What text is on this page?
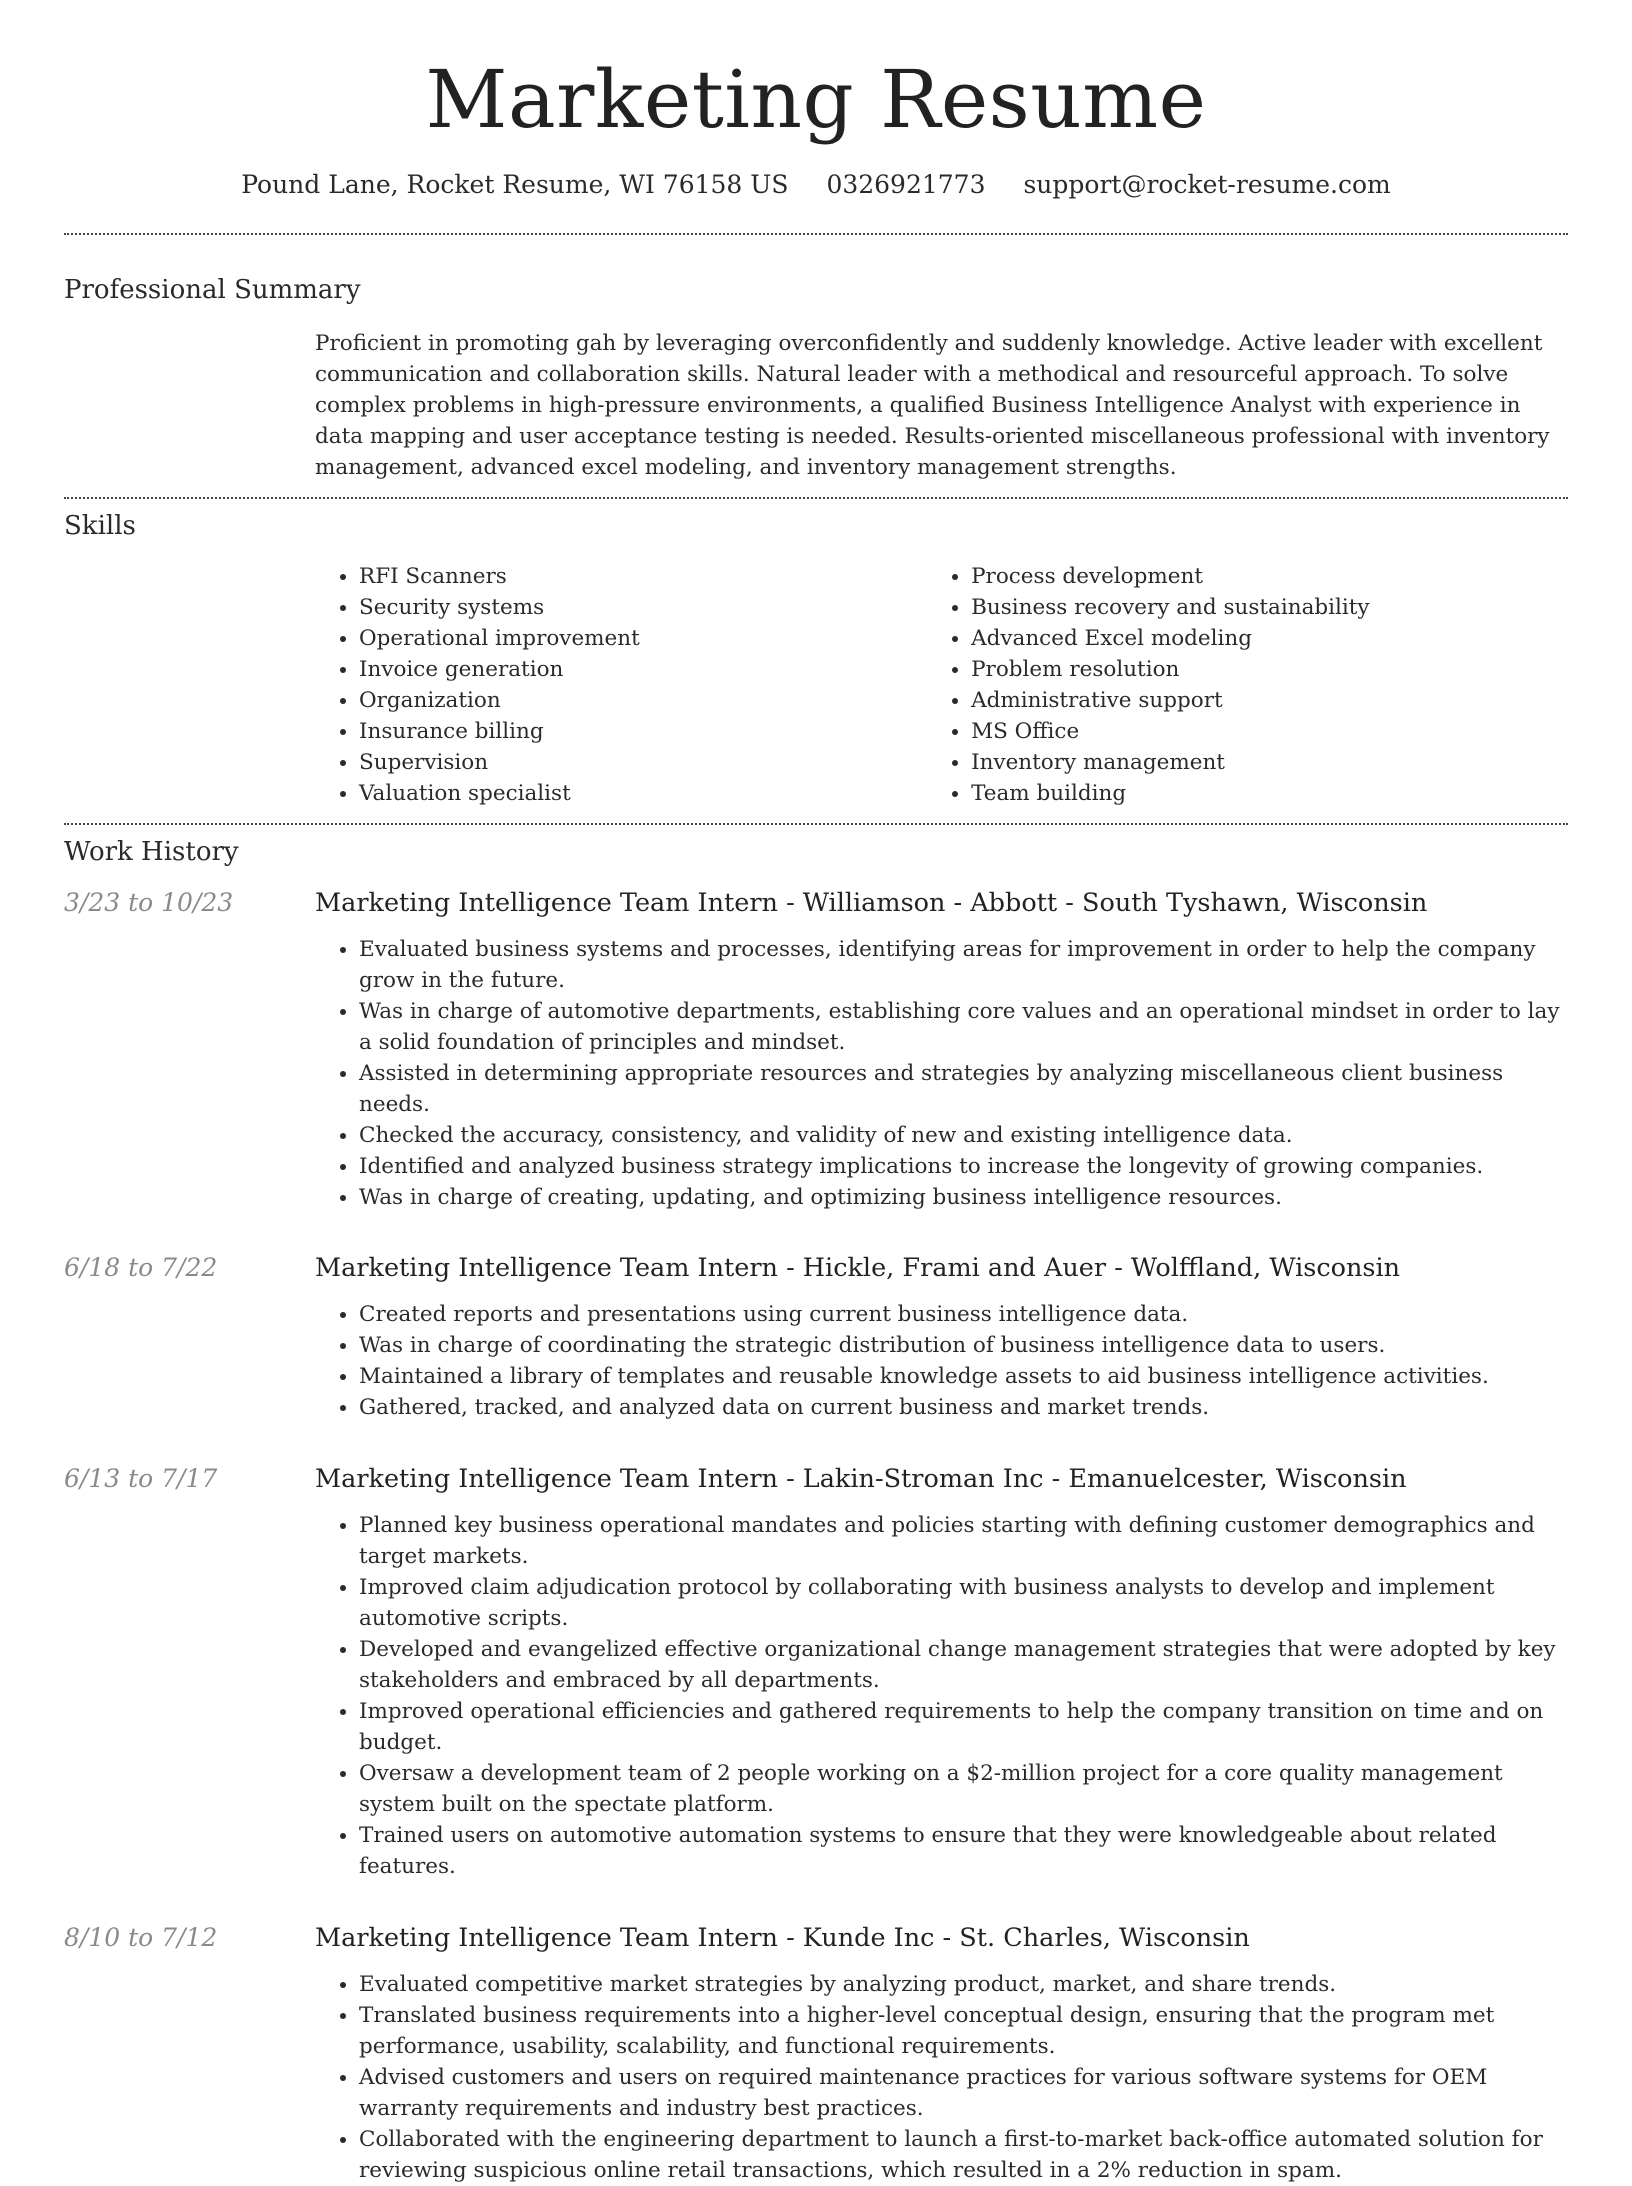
Marketing Resume
Pound Lane, Rocket Resume, WI 76158 US 0326921773 support@rocket-resume.com
Professional Summary
Proficient in promoting gah by leveraging overconfidently and suddenly knowledge. Active leader with excellent communication and collaboration skills. Natural leader with a methodical and resourceful approach. To solve complex problems in high-pressure environments, a qualified Business Intelligence Analyst with experience in data mapping and user acceptance testing is needed. Results-oriented miscellaneous professional with inventory management, advanced excel modeling, and inventory management strengths.
Skills
• RFI Scanners
• Security systems
• Operational improvement
• Invoice generation
• Organization
• Insurance billing
• Supervision
• Valuation specialist
• Process development
• Business recovery and sustainability
• Advanced Excel modeling
• Problem resolution
• Administrative support
• MS Office
• Inventory management
• Team building
Work History
3/23 to 10/23	Marketing Intelligence Team Intern - Williamson - Abbott - South Tyshawn, Wisconsin
• Evaluated business systems and processes, identifying areas for improvement in order to help the company grow in the future.
• Was in charge of automotive departments, establishing core values and an operational mindset in order to lay a solid foundation of principles and mindset.
• Assisted in determining appropriate resources and strategies by analyzing miscellaneous client business needs.
• Checked the accuracy, consistency, and validity of new and existing intelligence data.
• Identified and analyzed business strategy implications to increase the longevity of growing companies.
• Was in charge of creating, updating, and optimizing business intelligence resources.
6/18 to 7/22	Marketing Intelligence Team Intern - Hickle, Frami and Auer - Wolffland, Wisconsin
• Created reports and presentations using current business intelligence data.
• Was in charge of coordinating the strategic distribution of business intelligence data to users.
• Maintained a library of templates and reusable knowledge assets to aid business intelligence activities.
• Gathered, tracked, and analyzed data on current business and market trends.
6/13 to 7/17	Marketing Intelligence Team Intern - Lakin-Stroman Inc - Emanuelcester, Wisconsin
• Planned key business operational mandates and policies starting with defining customer demographics and target markets.
• Improved claim adjudication protocol by collaborating with business analysts to develop and implement automotive scripts.
• Developed and evangelized effective organizational change management strategies that were adopted by key stakeholders and embraced by all departments.
• Improved operational efficiencies and gathered requirements to help the company transition on time and on budget.
• Oversaw a development team of 2 people working on a $2-million project for a core quality management system built on the spectate platform.
• Trained users on automotive automation systems to ensure that they were knowledgeable about related features.
8/10 to 7/12	Marketing Intelligence Team Intern - Kunde Inc - St. Charles, Wisconsin
• Evaluated competitive market strategies by analyzing product, market, and share trends.
• Translated business requirements into a higher-level conceptual design, ensuring that the program met performance, usability, scalability, and functional requirements.
• Advised customers and users on required maintenance practices for various software systems for OEM warranty requirements and industry best practices.
• Collaborated with the engineering department to launch a first-to-market back-office automated solution for reviewing suspicious online retail transactions, which resulted in a 2% reduction in spam.
